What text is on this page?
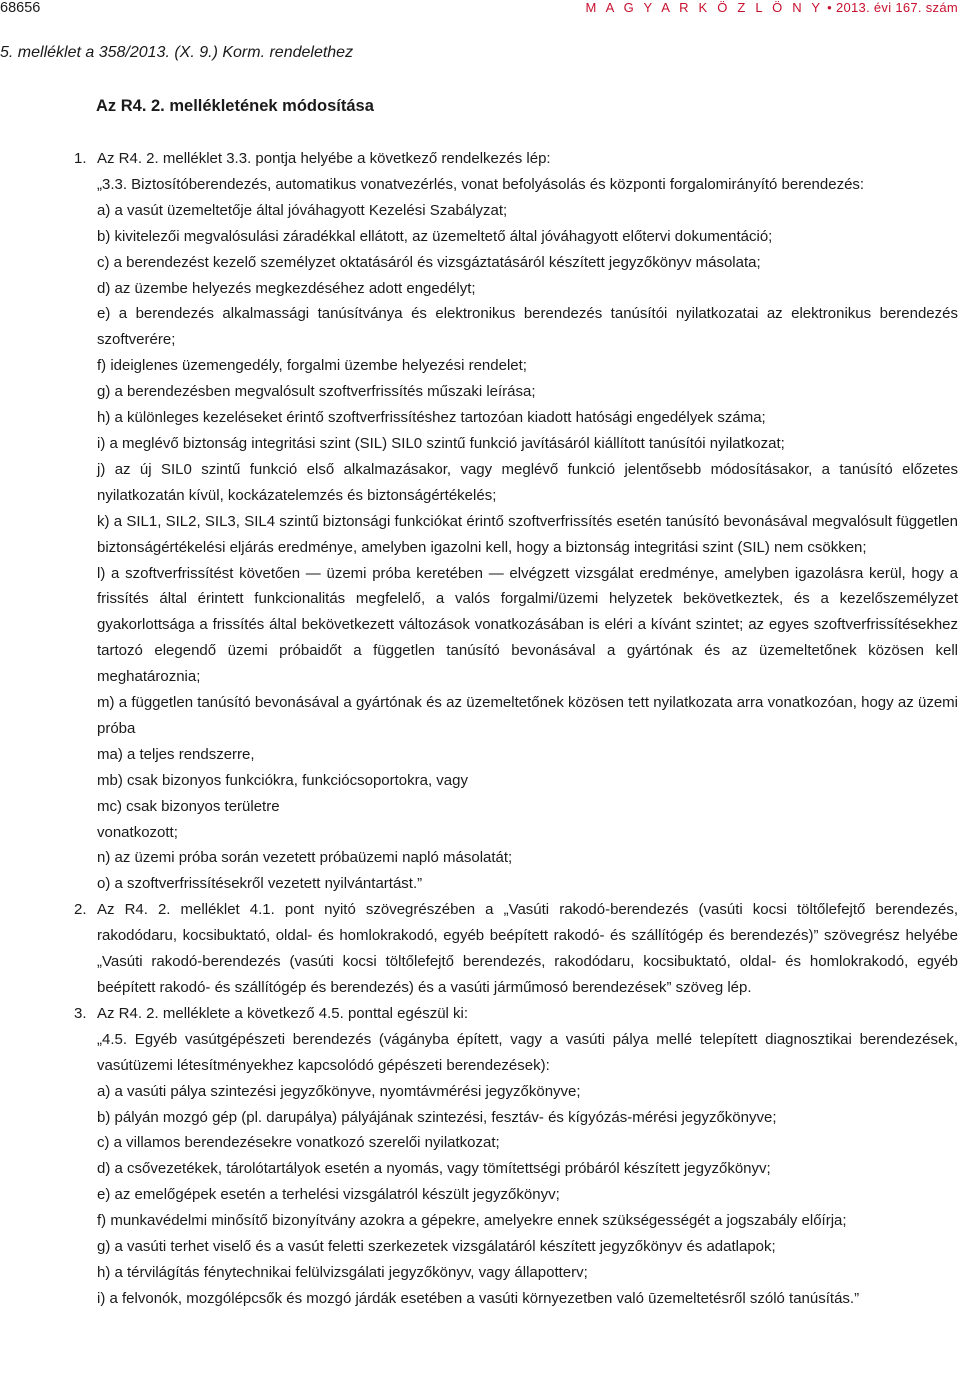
68656	M A G Y A R K Ö Z L Ö N Y • 2013. évi 167. szám
5. melléklet a 358/2013. (X. 9.) Korm. rendelethez
Az R4. 2. mellékletének módosítása
1. Az R4. 2. melléklet 3.3. pontja helyébe a következő rendelkezés lép:

„3.3. Biztosítóberendezés, automatikus vonatvezérlés, vonat befolyásolás és központi forgalomirányító berendezés:

a) a vasút üzemeltetője által jóváhagyott Kezelési Szabályzat;

b) kivitelezői megvalósulási záradékkal ellátott, az üzemeltető által jóváhagyott előtervi dokumentáció;

c) a berendezést kezelő személyzet oktatásáról és vizsgáztatásáról készített jegyzőkönyv másolata;

d) az üzembe helyezés megkezdéséhez adott engedélyt;

e) a berendezés alkalmassági tanúsítványa és elektronikus berendezés tanúsítói nyilatkozatai az elektronikus berendezés szoftverére;

f) ideiglenes üzemengedély, forgalmi üzembe helyezési rendelet;

g) a berendezésben megvalósult szoftverfrissítés műszaki leírása;

h) a különleges kezeléseket érintő szoftverfrissítéshez tartozóan kiadott hatósági engedélyek száma;

i) a meglévő biztonság integritási szint (SIL) SIL0 szintű funkció javításáról kiállított tanúsítói nyilatkozat;

j) az új SIL0 szintű funkció első alkalmazásakor, vagy meglévő funkció jelentősebb módosításakor, a tanúsító előzetes nyilatkozatán kívül, kockázatelemzés és biztonságértékelés;

k) a SIL1, SIL2, SIL3, SIL4 szintű biztonsági funkciókat érintő szoftverfrissítés esetén tanúsító bevonásával megvalósult független biztonságértékelési eljárás eredménye, amelyben igazolni kell, hogy a biztonság integritási szint (SIL) nem csökken;

l) a szoftverfrissítést követően — üzemi próba keretében — elvégzett vizsgálat eredménye, amelyben igazolásra kerül, hogy a frissítés által érintett funkcionalitás megfelelő, a valós forgalmi/üzemi helyzetek bekövetkeztek, és a kezelőszemélyzet gyakorlottsága a frissítés által bekövetkezett változások vonatkozásában is eléri a kívánt szintet; az egyes szoftverfrissítésekhez tartozó elegendő üzemi próbaidőt a független tanúsító bevonásával a gyártónak és az üzemeltetőnek közösen kell meghatároznia;

m) a független tanúsító bevonásával a gyártónak és az üzemeltetőnek közösen tett nyilatkozata arra vonatkozóan, hogy az üzemi próba

ma) a teljes rendszerre,

mb) csak bizonyos funkciókra, funkciócsoportokra, vagy

mc) csak bizonyos területre

vonatkozott;

n) az üzemi próba során vezetett próbaüzemi napló másolatát;

o) a szoftverfrissítésekről vezetett nyilvántartást.”

2. Az R4. 2. melléklet 4.1. pont nyitó szövegrészében a „Vasúti rakodó-berendezés (vasúti kocsi töltőlefejtő berendezés, rakodódaru, kocsibuktató, oldal- és homlokrakodó, egyéb beépített rakodó- és szállítógép és berendezés)” szövegrész helyébe „Vasúti rakodó-berendezés (vasúti kocsi töltőlefejtő berendezés, rakodódaru, kocsibuktató, oldal- és homlokrakodó, egyéb beépített rakodó- és szállítógép és berendezés) és a vasúti járműmosó berendezések” szöveg lép.

3. Az R4. 2. melléklete a következő 4.5. ponttal egészül ki:

„4.5. Egyéb vasútgépészeti berendezés (vágányba épített, vagy a vasúti pálya mellé telepített diagnosztikai berendezések, vasútüzemi létesítményekhez kapcsolódó gépészeti berendezések):

a) a vasúti pálya szintezési jegyzőkönyve, nyomtávmérési jegyzőkönyve;

b) pályán mozgó gép (pl. darupálya) pályájának szintezési, fesztáv- és kígyózás-mérési jegyzőkönyve;

c) a villamos berendezésekre vonatkozó szerelői nyilatkozat;

d) a csővezetékek, tárolótartályok esetén a nyomás, vagy tömítettségi próbáról készített jegyzőkönyv;

e) az emelőgépek esetén a terhelési vizsgálatról készült jegyzőkönyv;

f) munkavédelmi minősítő bizonyítvány azokra a gépekre, amelyekre ennek szükségességét a jogszabály előírja;

g) a vasúti terhet viselő és a vasút feletti szerkezetek vizsgálatáról készített jegyzőkönyv és adatlapok;

h) a térvilágítás fénytechnikai felülvizsgálati jegyzőkönyv, vagy állapotterv;

i) a felvonók, mozgólépcsők és mozgó járdák esetében a vasúti környezetben való ūzemeltetésről szóló tanúsítás.”
